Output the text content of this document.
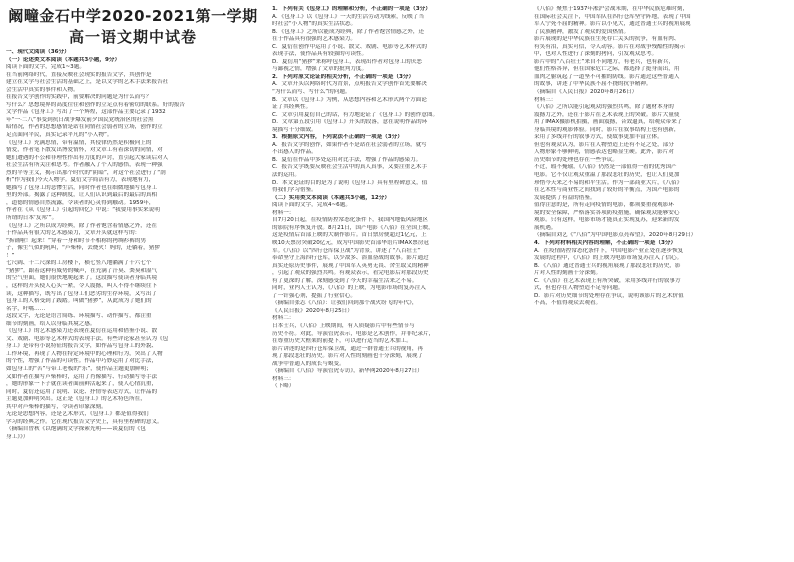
阚疃金石中学2020-2021第一学期
高一语文期中试卷
一、现代文阅读（36分）
（一）论述类文本阅读（本题共3小题，9分）
阅读下面的文字，完成1~3题。
在当前网络时代，直接反映社会现实的报告文学，其创作是
建立在文学与社会生活的基础之上，是以文学的艺术手法来报告社
会生活中真实的事件和人物。
在报告文学创作的实践中，前要解决的问题是为什么而写？
写什么？思想境界的高度往往和创作的立足点有着密切的联系。好的报告
文学作品《包身工》写出了一个辉煌，这部作品主要记录了1932
年“一·二八”事变到抗日战争爆发前夕国民党统治区的社会黑
暗情况，作者的思想感情是站在同情社会弱者的立场，创作的立
足点面向平民，真实记录平凡的“小人物”。
《包身工》充满思情，带有温情，其侵律仍然是积极向上的
情爱，作者笔下散发出博爱情怀，对文章工有着深切的同情，对
她们遭遇的不公和非理性作出有力度的声讨，直引起大家读后对人
社会生活有所关注和思考。作者融入了个人的感悟，表现一种强
烈的平等主义，揭示出那个时代的“阴暗”，对这个社会进行了“剖
析”作为我们今天人物学。夏衍文字简洁有力，表现地有力，
她描写了包身工的悲惨生活，同时作者也在细微地描写包身工
里的外部。揭露了这种制度，让人们认识到最后的最后的真相
，道德的情感自然流露，令读者的心灵得到触动。1959年，
作者在《从《包身工》引起的回忆》中说：“我要用事实来说明
所谓的日本‘友邦’”。
《包身工》之所以成为经典，除了作者饱含着情感之外，还在
于作品具有很大的艺术感染力，文章开头就这样写的：
“拆铺啦！起来！”穿着一身和时节不相称的拷绸衫裤的男
子，像生气似的吼叫，“芦柴棒，去烧火！妈的，还躺着，猪猡
！”
七尺阔、十二尺深的工房楼下，横七竖八地躺满了十六七个
“猪猡”。跟着这种有威势的喊声，在充满了汗臭、粪臭和湿气
的空气里面，她们很快地爬起来了。这段描写使读者身临其境
，这样的开头使人心头一紧，令人震撼，叫人不得不继续往下
读，这种描写，既写出了包身工们恶劣的生存环境，又写出了
包身工的人格受到了践踏。叫做“猪猡”，从此成为了她们的
名字，叶嘴……
这段文字，无论是语言简练、环境描写、动作描写，都注重
细节的刻画，给人以身临其境之感。
《包身工》的艺术感染力还表现在夏衍在运用和借鉴小说、散
文、戏剧、电影等艺术样式的表现手法。有些评论家甚至认为《包
身工》是带有小说特征的报告文学，如作品写包身工的外貌、
工作环境，再现了人物在特定环境中的心理和行为，突出了人物
的个性，增强了作品的可读性。作品中巧妙运用了对比手法，
如包身工的“苦”与带工老板的“乐”，使作品主题更加鲜明；
又如作者在描写芦柴棒时，运用了肖像描写、行动描写等手法
，她的形象一下子就在读者面前鲜活起来了，使人心情沉重，
同时，夏衍还运用了说明、议论、抒情等表达方式，让作品的
主题更加鲜明突出。这正是《包身工》的艺术特色所在，
其中对芦柴棒的描写，令读者印象深刻。
无论是思想内容，还是艺术形式，《包身工》都是值得我们
学习的经典之作。它在现代报告文学史上，具有里程碑的意义。
（摘编自曾秋《以饱满的文学探索光明——谈夏衍的《包
身工》》）
1．下列有关《包身工》的理解和分析，不正确的一项是（3分）
A．《包身工》以《包身工》一天的生活劳动为线索，反映了当
时社会“小人物”的真实生活状态。
B．《包身工》之所以能成为经典，除了作者饱含情感之外，还
在于作品具有很强的艺术感染力。
C．夏衍在创作中运用了小说、散文、戏剧、电影等艺术样式的
表现手法，使作品具有较强的可读性。
D．夏衍用“猪猡”来称呼包身工，表现出作者对包身工的厌恶
与鄙视之情，增强了文章的批判力度。
2．下列对原文论证的相关分析，不正确的一项是（3分）
A．文章开头以网络时代为背景，点明报告文学创作首先要解决
“为什么而写、写什么”的问题。
B．文章以《包身工》为例，从思想内容和艺术形式两个方面论
证了其经典性。
C．文章引用夏衍自己的话，有力地论证了《包身工》的创作意图。
D．文章第五段引用《包身工》开头的段落，意在说明作品的环
境描写十分细致。
3．根据原文内容，下列说法不正确的一项是（3分）
A．报告文学的创作，如果作者不是站在社会弱者的立场，就写
不出感人的作品。
B．夏衍在作品中多处运用对比手法，增强了作品的感染力。
C．报告文学既要反映社会生活中的真人真事，又要注重艺术手
法的运用。
D．本文论证的目的是为了说明《包身工》具有里程碑意义，值
得我们学习借鉴。
（二）实用类文本阅读（本题共3小题，12分）
阅读下面的文字，完成4~6题。
材料一：
自7月20日起，在疫情防控常态化条件下，我国内地低风险地区
的影院有序恢复开放。8月21日，国产电影《八佰》在全国上映，
这是疫情后首部上映的大制作影片。首日票房便超过1亿元，上
映10天票房突破20亿元，成为中国影史首部华语片IMAX票房冠
军。《八佰》以“四行仓库保卫战”为背景，讲述了“八百壮士”
奉命坚守上海四行仓库，以少敌多、浴血奋战的故事。影片通过
真实还原历史事件，展现了中国军人英勇无畏、舍生取义的精神
，引起了观众的强烈共鸣。有观众表示，看完电影后对那段历史
有了更深的了解，深刻感受到了今天的幸福生活来之不易。
同时，业内人士认为，《八佰》的上映，为电影市场的复苏注入
了一针强心剂，提振了行业信心。
（摘编自张志《八佰》：让我们回到那个战火纷飞的年代》，
《人民日报》2020年8月25日）
材料二：
日本士兵，《八佰》上映期间，有人质疑影片中有些情节与
历史不符。对此，导演管虎表示，电影是艺术创作，并非纪录片，
在尊重历史大框架的前提下，可以进行适当的艺术加工。
影片讲述的是四行仓库保卫战，通过一群普通士兵的视角，再
现了那段悲壮的历史。影片对人性的刻画也十分深刻，展现了
战争中普通人的成长与蜕变。
（摘编自《八佰》导演管虎专访》，新华网2020年8月27日）
材料三：
（下略）
《八佰》聚焦于1937年淞沪会战末期，在中华民族危难时刻，
在国际社会关注下，中国军队在四行仓库坚守阵地，表现了中国
军人宁死不屈的精神。影片以小见大，通过普通士兵的视角展现
了民族精神，激发了观众的爱国热情。
影片展现的是中华民族在生死存亡关头的抗争，有血有肉、
有笑有泪，真实可信，令人动容。影片在对战争残酷性的揭示
中，也对人性进行了深刻的拷问，引发观众思考。
影片中的“八百壮士”来自不同地方，有老兵，也有新兵，
他们性格各异，但在国家危亡之际，都选择了挺身而出，用
血肉之躯筑起了一道坚不可摧的防线。影片通过这些普通人
的故事，讲述了中华民族不屈不挠的抗争精神。
（摘编自《人民日报》2020年8月26日）
材料三：
《八佰》之所以能引起观众的强烈共鸣，除了题材本身的
震撼力之外，还在于影片在艺术表现上的突破。影片大量使
用了IMAX摄影机拍摄，画面震撼，音效逼真，给观众带来了
身临其境的观影体验。同时，影片在叙事结构上也有创新，
采用了多线并行的叙事方式，使故事更加丰富立体。
但也有观众认为，影片在人物塑造上还有不足之处，部分
人物形象不够鲜明，情感表达也略显生硬。此外，影片对
历史细节的处理也存在一些争议。
不过，瑕不掩瑜，《八佰》仍然是一部值得一看的优秀国产
电影。它不仅让观众重温了那段悲壮的历史，也让人们更加
珍惜今天来之不易的和平生活。作为一部商业大片，《八佰》
在艺术性与商业性之间找到了较好的平衡点，为国产电影的
发展提供了有益的借鉴。
值得注意的是，所有走向疫情的电影，都须要重视观影环
境的安全保障，严格落实各项防疫措施，确保观众能够安心
观影。只有这样，电影市场才能真正实现复苏，迎来新的发
展机遇。
（摘编自刘艺《“八佰”为中国电影点亮希望》，2020年8月29日）
4．下列对材料相关内容的理解，不正确的一项是（3分）
A．在疫情防控常态化条件下，中国电影产业正处在逐步恢复
发展的过程中，《八佰》的上映为电影市场复苏注入了信心。
B．《八佰》通过普通士兵的视角展现了那段悲壮的历史，影
片对人性的刻画十分深刻。
C．《八佰》在艺术表现上有所突破，采用多线并行的叙事方
式，但也存在人物塑造不足等问题。
D．影片对历史细节的处理存在争议，说明该影片的艺术价值
不高，不值得观众去观看。
